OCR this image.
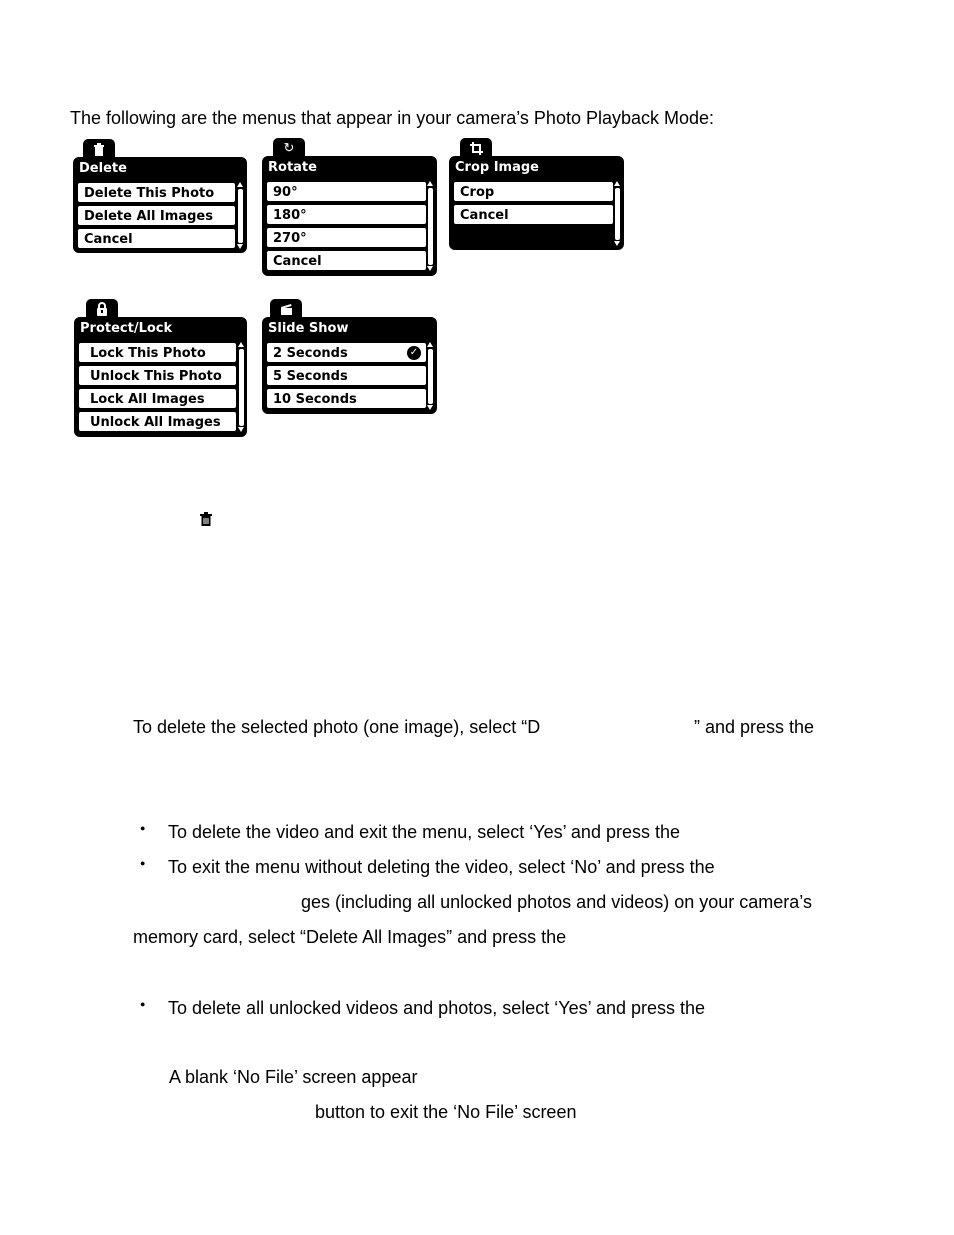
The following are the menus that appear in your camera’s Photo Playback Mode:
Delete
Delete This Photo
Delete All Images
Cancel
↻
Rotate
90°
180°
270°
Cancel
Crop Image
Crop
Cancel
Protect/Lock
Lock This Photo
Unlock This Photo
Lock All Images
Unlock All Images
Slide Show
2 Seconds	✓
5 Seconds
10 Seconds
To delete the selected photo (one image), select “D	” and press the
● To delete the video and exit the menu, select ‘Yes’ and press the
● To exit the menu without deleting the video, select ‘No’ and press the
ges (including all unlocked photos and videos) on your camera’s
memory card, select “Delete All Images” and press the
● To delete all unlocked videos and photos, select ‘Yes’ and press the
A blank ‘No File’ screen appear
button to exit the ‘No File’ screen
